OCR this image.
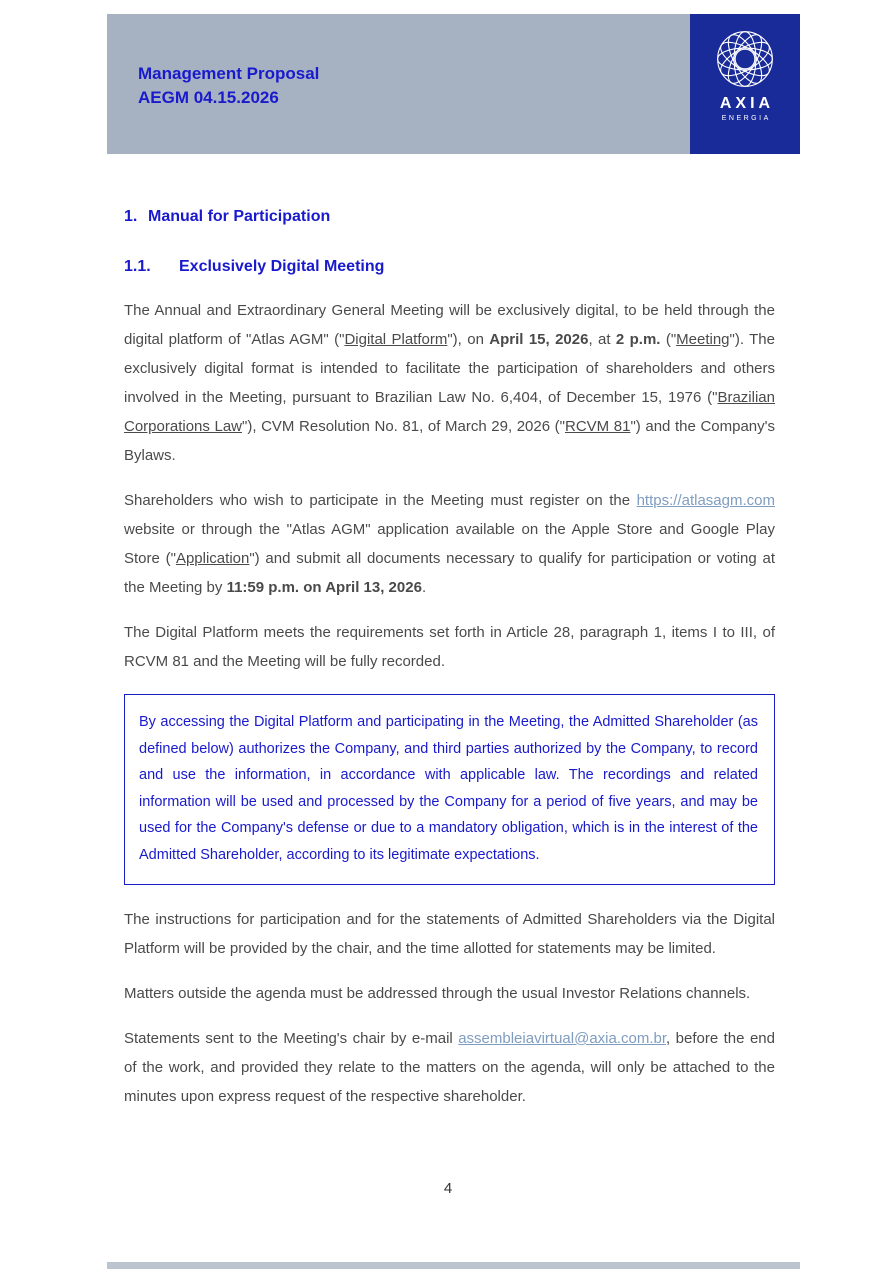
Management Proposal
AEGM 04.15.2026	AXIA
ENERGIA
1. Manual for Participation
1.1. Exclusively Digital Meeting

The Annual and Extraordinary General Meeting will be exclusively digital, to be held through the digital platform of "Atlas AGM" ("Digital Platform"), on April 15, 2026, at 2 p.m. ("Meeting"). The exclusively digital format is intended to facilitate the participation of shareholders and others involved in the Meeting, pursuant to Brazilian Law No. 6,404, of December 15, 1976 ("Brazilian Corporations Law"), CVM Resolution No. 81, of March 29, 2026 ("RCVM 81") and the Company's Bylaws.

Shareholders who wish to participate in the Meeting must register on the https://atlasagm.com website or through the "Atlas AGM" application available on the Apple Store and Google Play Store ("Application") and submit all documents necessary to qualify for participation or voting at the Meeting by 11:59 p.m. on April 13, 2026.

The Digital Platform meets the requirements set forth in Article 28, paragraph 1, items I to III, of RCVM 81 and the Meeting will be fully recorded.

By accessing the Digital Platform and participating in the Meeting, the Admitted Shareholder (as defined below) authorizes the Company, and third parties authorized by the Company, to record and use the information, in accordance with applicable law. The recordings and related information will be used and processed by the Company for a period of five years, and may be used for the Company's defense or due to a mandatory obligation, which is in the interest of the Admitted Shareholder, according to its legitimate expectations.

The instructions for participation and for the statements of Admitted Shareholders via the Digital Platform will be provided by the chair, and the time allotted for statements may be limited.

Matters outside the agenda must be addressed through the usual Investor Relations channels.

Statements sent to the Meeting's chair by e-mail assembleiavirtual@axia.com.br, before the end of the work, and provided they relate to the matters on the agenda, will only be attached to the minutes upon express request of the respective shareholder.

4
